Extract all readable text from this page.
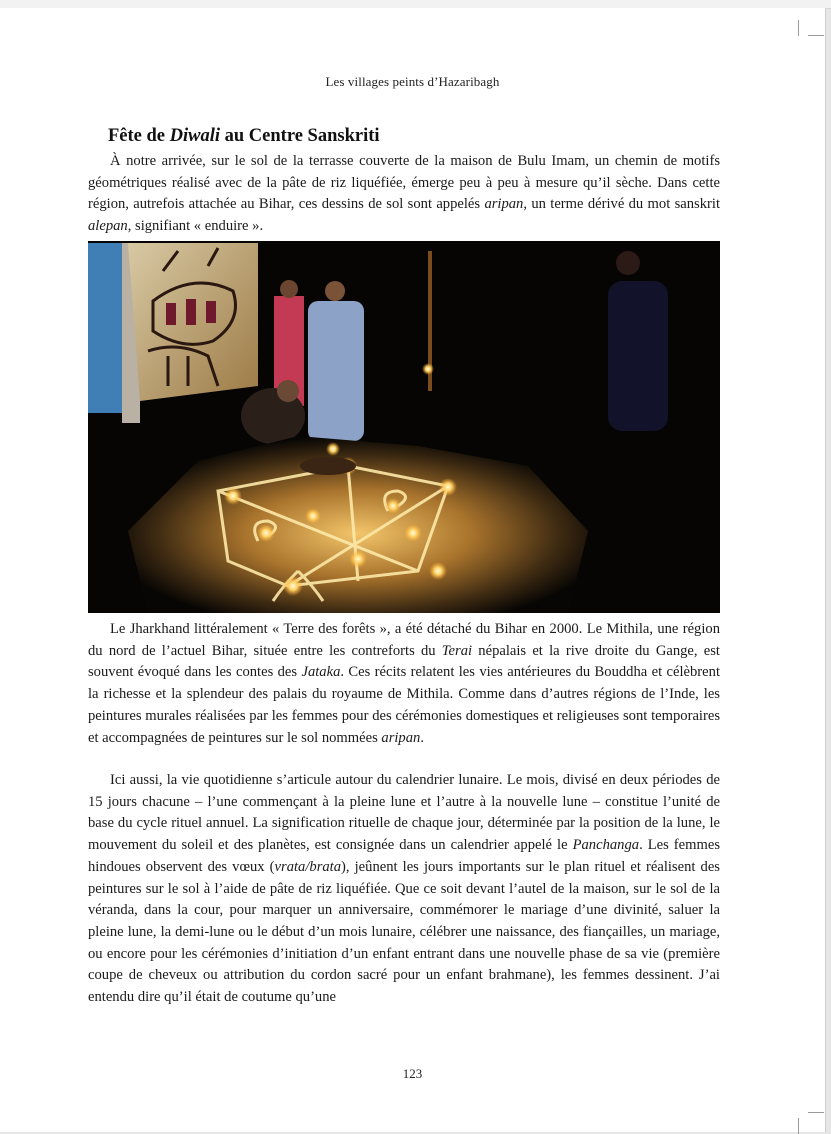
Les villages peints d’Hazaribagh
Fête de Diwali au Centre Sanskriti

À notre arrivée, sur le sol de la terrasse couverte de la maison de Bulu Imam, un chemin de motifs géométriques réalisé avec de la pâte de riz liquéfiée, émerge peu à peu à mesure qu’il sèche. Dans cette région, autrefois attachée au Bihar, ces dessins de sol sont appelés aripan, un terme dérivé du mot sanskrit alepan, signifiant « enduire ».

Le Jharkhand littéralement « Terre des forêts », a été détaché du Bihar en 2000. Le Mithila, une région du nord de l’actuel Bihar, située entre les contreforts du Terai népalais et la rive droite du Gange, est souvent évoqué dans les contes des Jataka. Ces récits relatent les vies antérieures du Bouddha et célèbrent la richesse et la splendeur des palais du royaume de Mithila. Comme dans d’autres régions de l’Inde, les peintures murales réalisées par les femmes pour des cérémonies domestiques et religieuses sont temporaires et accompagnées de peintures sur le sol nommées aripan.

Ici aussi, la vie quotidienne s’articule autour du calendrier lunaire. Le mois, divisé en deux périodes de 15 jours chacune – l’une commençant à la pleine lune et l’autre à la nouvelle lune – constitue l’unité de base du cycle rituel annuel. La signification rituelle de chaque jour, déterminée par la position de la lune, le mouvement du soleil et des planètes, est consignée dans un calendrier appelé le Panchanga. Les femmes hindoues observent des vœux (vrata/brata), jeûnent les jours importants sur le plan rituel et réalisent des peintures sur le sol à l’aide de pâte de riz liquéfiée. Que ce soit devant l’autel de la maison, sur le sol de la véranda, dans la cour, pour marquer un anniversaire, commémorer le mariage d’une divinité, saluer la pleine lune, la demi-lune ou le début d’un mois lunaire, célébrer une naissance, des fiançailles, un mariage, ou encore pour les cérémonies d’initiation d’un enfant entrant dans une nouvelle phase de sa vie (première coupe de cheveux ou attribution du cordon sacré pour un enfant brahmane), les femmes dessinent. J’ai entendu dire qu’il était de coutume qu’une

123
